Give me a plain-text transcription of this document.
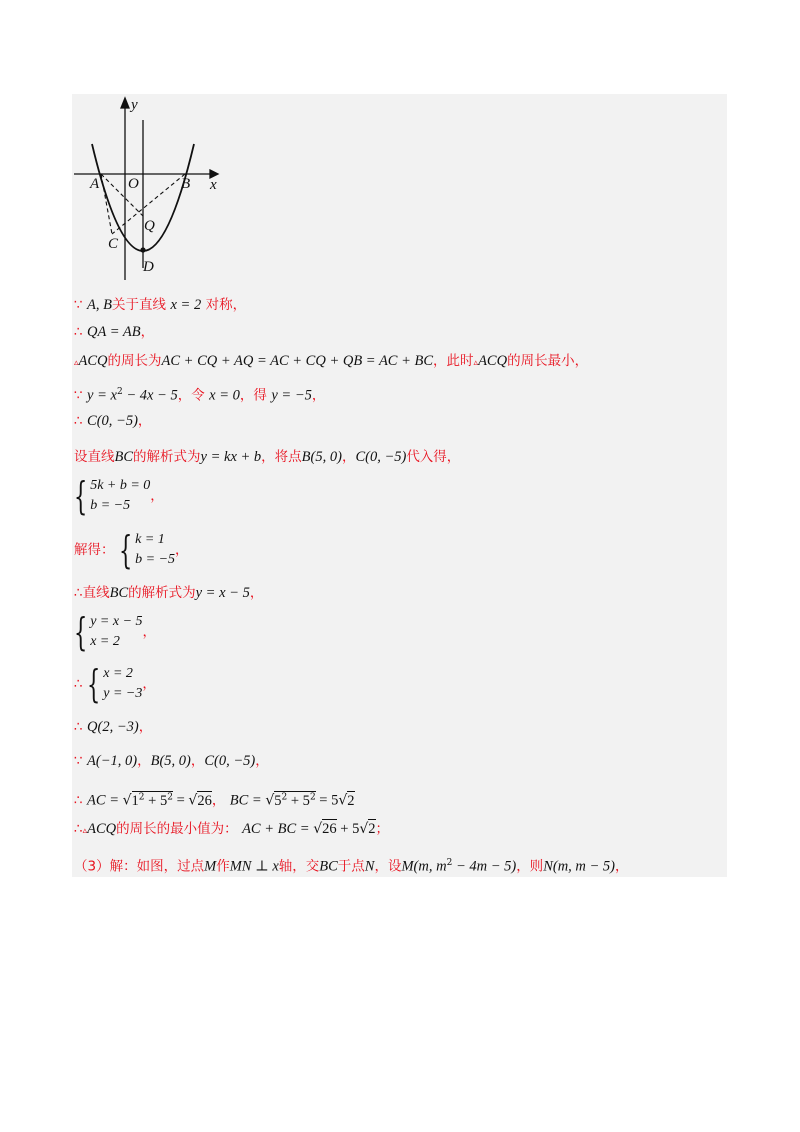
y
x
A O	B
Q
C
D
∵ A, B关于直线 x = 2 对称，
∴ QA = AB，
▵ACQ的周长为AC + CQ + AQ = AC + CQ + QB = AC + BC，此时▵ACQ的周长最小，
∵ $y = x^2 - 4x - 5$，令 x = 0，得 y = −5，
∴ C(0, −5)，
设直线BC的解析式为y = kx + b，将点B(5, 0)，C(0, −5)代入得，
{ 5k + b = 0
b = −5
，
解得： { k = 1
b = −5
，
∴直线BC的解析式为y = x − 5，
{ y = x − 5
x = 2
，
∴ { x = 2
y = −3
，
∴ Q(2, −3)，
∵ A(−1, 0)，B(5, 0)，C(0, −5)，
∴ AC = $√1^2 + 5^2 = √26$， BC = $√5^2 + 5^2 = 5√2$
∴▵ACQ的周长的最小值为： AC + BC = √26 + 5√2；
（3）解：如图，过点M作MN ⊥ x轴，交BC于点N，设M(m, $m^2 - 4m - 5$)，则N(m, m − 5)，
